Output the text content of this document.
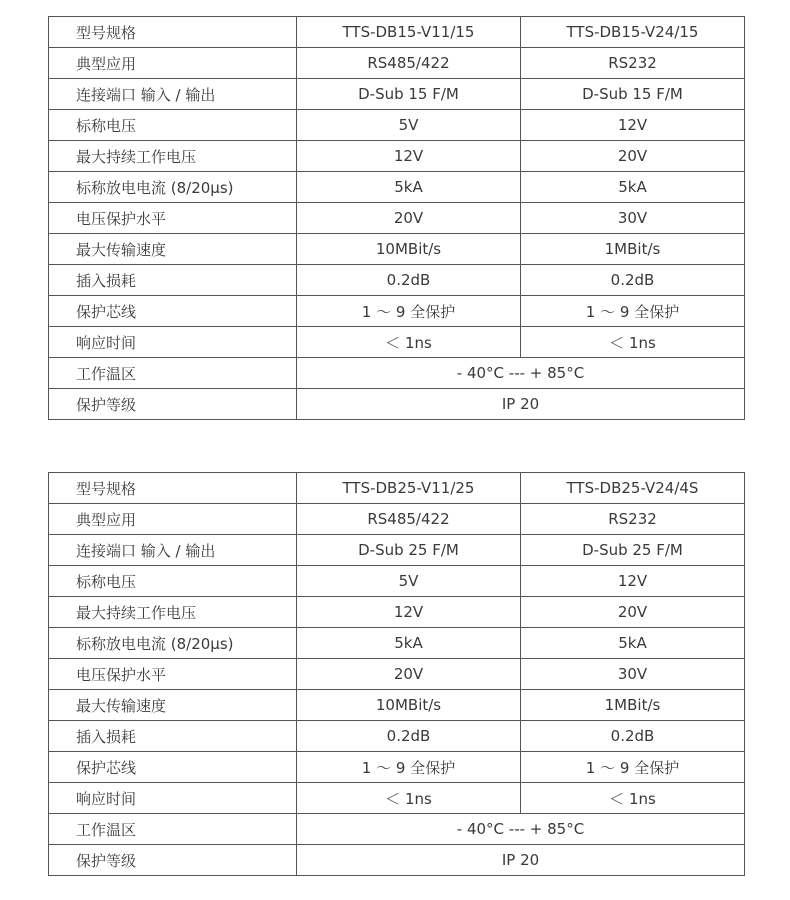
型号规格	TTS-DB15-V11/15	TTS-DB15-V24/15
典型应用	RS485/422	RS232
连接端口 输入 / 输出	D-Sub 15 F/M	D-Sub 15 F/M
标称电压	5V	12V
最大持续工作电压	12V	20V
标称放电电流 (8/20μs)	5kA	5kA
电压保护水平	20V	30V
最大传输速度	10MBit/s	1MBit/s
插入损耗	0.2dB	0.2dB
保护芯线	1 ～ 9 全保护	1 ～ 9 全保护
响应时间	＜ 1ns	＜ 1ns
工作温区	- 40°C --- + 85°C	
保护等级	IP 20	
型号规格	TTS-DB25-V11/25	TTS-DB25-V24/4S
典型应用	RS485/422	RS232
连接端口 输入 / 输出	D-Sub 25 F/M	D-Sub 25 F/M
标称电压	5V	12V
最大持续工作电压	12V	20V
标称放电电流 (8/20μs)	5kA	5kA
电压保护水平	20V	30V
最大传输速度	10MBit/s	1MBit/s
插入损耗	0.2dB	0.2dB
保护芯线	1 ～ 9 全保护	1 ～ 9 全保护
响应时间	＜ 1ns	＜ 1ns
工作温区	- 40°C --- + 85°C	
保护等级	IP 20	
